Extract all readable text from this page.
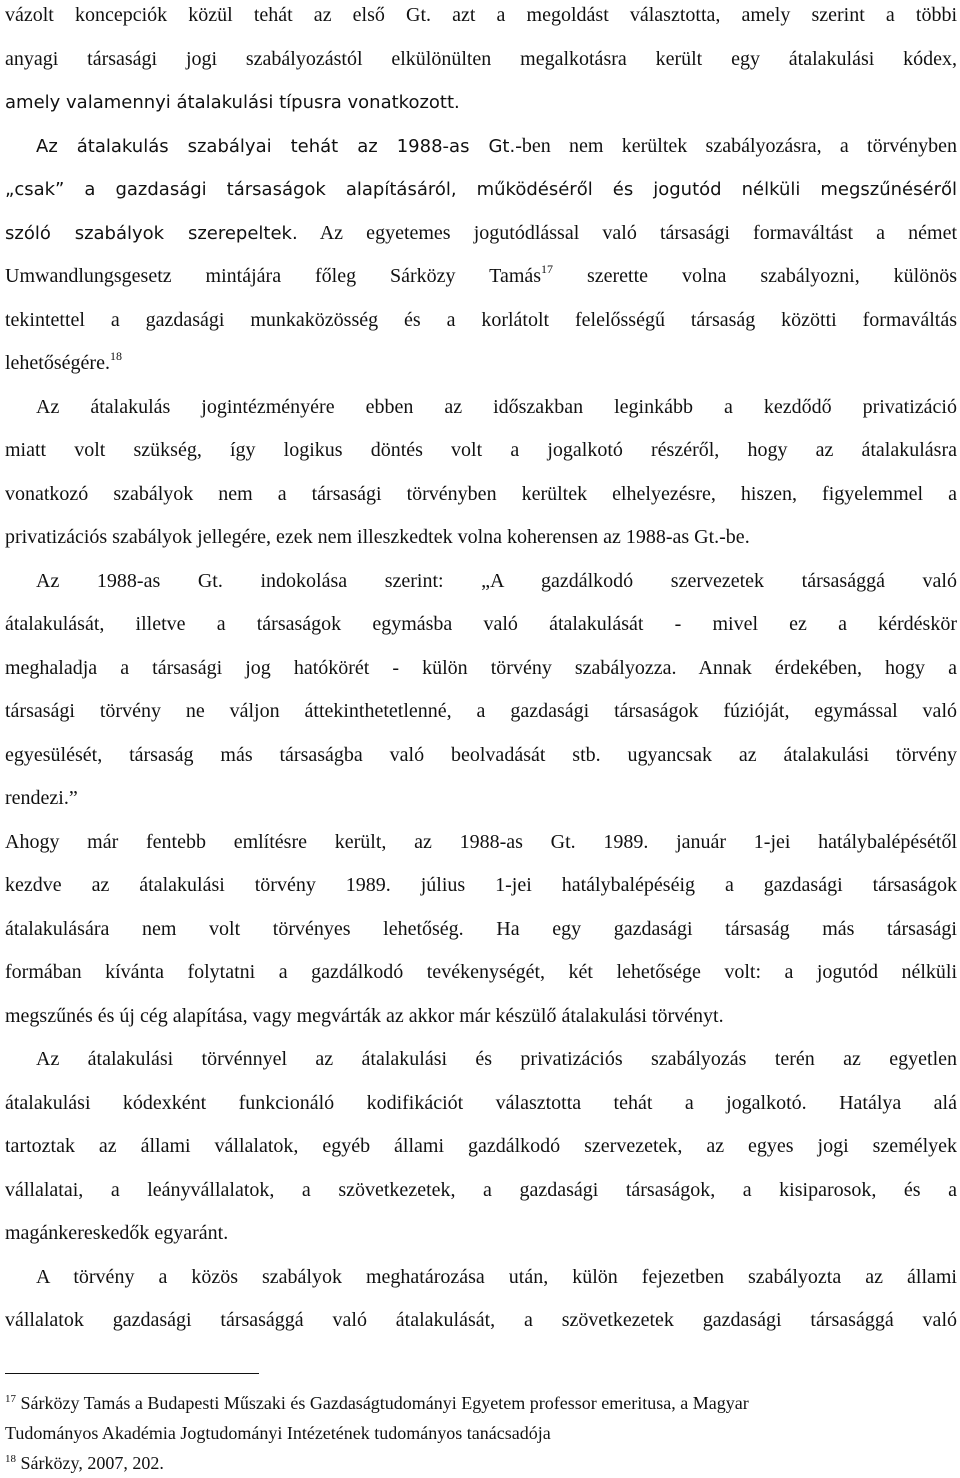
vázolt koncepciók közül tehát az első Gt. azt a megoldást választotta, amely szerint a többi
anyagi társasági jogi szabályozástól elkülönülten megalkotásra került egy átalakulási kódex,
amely valamennyi átalakulási típusra vonatkozott.
Az átalakulás szabályai tehát az 1988-as Gt.-ben nem kerültek szabályozásra, a törvényben
„csak” a gazdasági társaságok alapításáról, működéséről és jogutód nélküli megszűnéséről
szóló szabályok szerepeltek. Az egyetemes jogutódlással való társasági formaváltást a német
Umwandlungsgesetz mintájára főleg Sárközy Tamás$^{17}$ szerette volna szabályozni, különös
tekintettel a gazdasági munkaközösség és a korlátolt felelősségű társaság közötti formaváltás
lehetőségére.$^{18}$
Az átalakulás jogintézményére ebben az időszakban leginkább a kezdődő privatizáció
miatt volt szükség, így logikus döntés volt a jogalkotó részéről, hogy az átalakulásra
vonatkozó szabályok nem a társasági törvényben kerültek elhelyezésre, hiszen, figyelemmel a
privatizációs szabályok jellegére, ezek nem illeszkedtek volna koherensen az 1988-as Gt.-be.
Az 1988-as Gt. indokolása szerint: „A gazdálkodó szervezetek társasággá való
átalakulását, illetve a társaságok egymásba való átalakulását - mivel ez a kérdéskör
meghaladja a társasági jog hatókörét - külön törvény szabályozza. Annak érdekében, hogy a
társasági törvény ne váljon áttekinthetetlenné, a gazdasági társaságok fúzióját, egymással való
egyesülését, társaság más társaságba való beolvadását stb. ugyancsak az átalakulási törvény
rendezi.”
Ahogy már fentebb említésre került, az 1988-as Gt. 1989. január 1-jei hatálybalépésétől
kezdve az átalakulási törvény 1989. július 1-jei hatálybalépéséig a gazdasági társaságok
átalakulására nem volt törvényes lehetőség. Ha egy gazdasági társaság más társasági
formában kívánta folytatni a gazdálkodó tevékenységét, két lehetősége volt: a jogutód nélküli
megszűnés és új cég alapítása, vagy megvárták az akkor már készülő átalakulási törvényt.
Az átalakulási törvénnyel az átalakulási és privatizációs szabályozás terén az egyetlen
átalakulási kódexként funkcionáló kodifikációt választotta tehát a jogalkotó. Hatálya alá
tartoztak az állami vállalatok, egyéb állami gazdálkodó szervezetek, az egyes jogi személyek
vállalatai, a leányvállalatok, a szövetkezetek, a gazdasági társaságok, a kisiparosok, és a
magánkereskedők egyaránt.
A törvény a közös szabályok meghatározása után, külön fejezetben szabályozta az állami
vállalatok gazdasági társasággá való átalakulását, a szövetkezetek gazdasági társasággá való
$^{17}$ Sárközy Tamás a Budapesti Műszaki és Gazdaságtudományi Egyetem professor emeritusa, a Magyar
Tudományos Akadémia Jogtudományi Intézetének tudományos tanácsadója
$^{18}$ Sárközy, 2007, 202.
